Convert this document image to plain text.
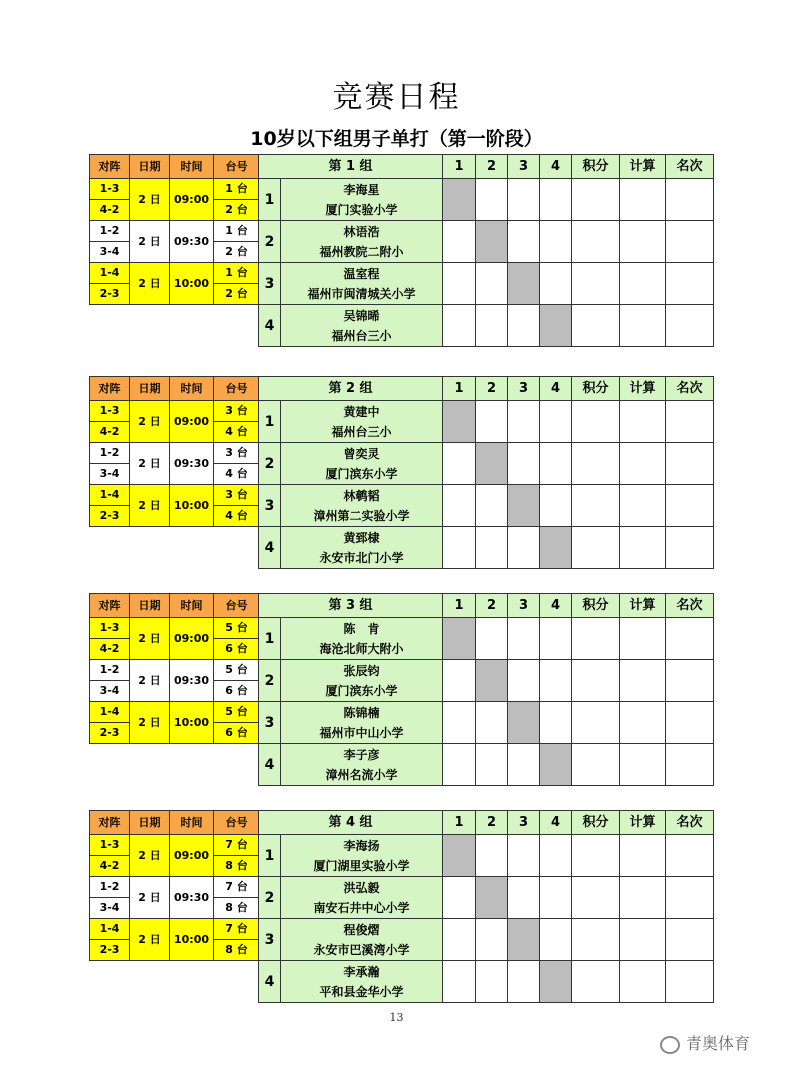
竞赛日程
10岁以下组男子单打（第一阶段）
对阵	日期	时间	台号
1-3	2 日	09:00	1 台
4-2			2 台
1-2	2 日	09:30	1 台
3-4			2 台
1-4	2 日	10:00	1 台
2-3			2 台
第 1 组		1	2	3	4	积分	计算	名次
1	李海星
厦门实验小学							

2	林语浩
福州教院二附小							

3	温室程
福州市闽清城关小学							

4	吴锦晞
福州台三小							

对阵	日期	时间	台号
1-3	2 日	09:00	3 台
4-2			4 台
1-2	2 日	09:30	3 台
3-4			4 台
1-4	2 日	10:00	3 台
2-3			4 台
第 2 组		1	2	3	4	积分	计算	名次
1	黄建中
福州台三小							

2	曾奕灵
厦门滨东小学							

3	林鹌韬
漳州第二实验小学							

4	黄郅棣
永安市北门小学							

对阵	日期	时间	台号
1-3	2 日	09:00	5 台
4-2			6 台
1-2	2 日	09:30	5 台
3-4			6 台
1-4	2 日	10:00	5 台
2-3			6 台
第 3 组		1	2	3	4	积分	计算	名次
1	陈　肯
海沧北师大附小							

2	张辰钧
厦门滨东小学							

3	陈锦楠
福州市中山小学							

4	李子彦
漳州名流小学							

对阵	日期	时间	台号
1-3	2 日	09:00	7 台
4-2			8 台
1-2	2 日	09:30	7 台
3-4			8 台
1-4	2 日	10:00	7 台
2-3			8 台
第 4 组		1	2	3	4	积分	计算	名次
1	李海扬
厦门湖里实验小学							

2	洪弘毅
南安石井中心小学							

3	程俊熠
永安市巴溪湾小学							

4	李承瀚
平和县金华小学							

13
青奥体育
